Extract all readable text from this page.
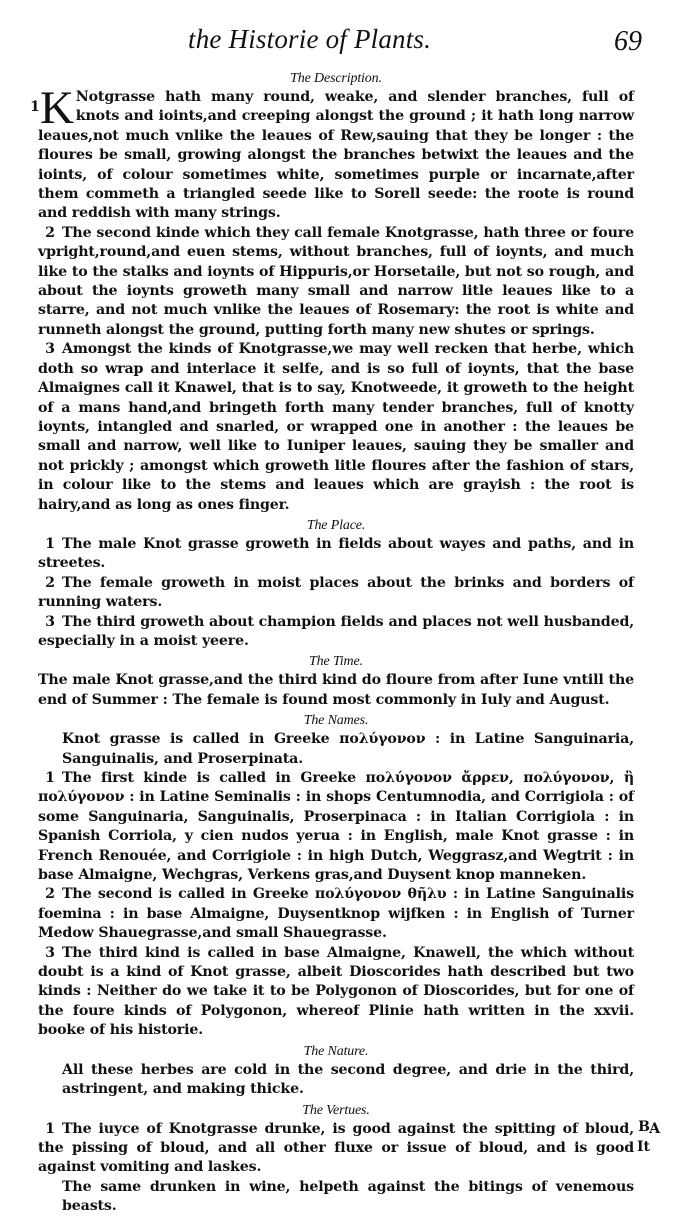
the Historie of Plants.	69
The Description.

K
1
Notgrasse hath many round, weake, and slender branches, full of knots and ioints,and creeping alongst the ground ; it hath long narrow leaues,not much vnlike the leaues of Rew,sauing that they be longer : the floures be small, growing alongst the branches betwixt the leaues and the ioints, of colour sometimes white, sometimes purple or incarnate,after them commeth a triangled seede like to Sorell seede: the roote is round and reddish with many strings.

2 The second kinde which they call female Knotgrasse, hath three or foure vpright,round,and euen stems, without branches, full of ioynts, and much like to the stalks and ioynts of Hippuris,or Horsetaile, but not so rough, and about the ioynts groweth many small and narrow litle leaues like to a starre, and not much vnlike the leaues of Rosemary: the root is white and runneth alongst the ground, putting forth many new shutes or springs.

3 Amongst the kinds of Knotgrasse,we may well recken that herbe, which doth so wrap and interlace it selfe, and is so full of ioynts, that the base Almaignes call it Knawel, that is to say, Knotweede, it groweth to the height of a mans hand,and bringeth forth many tender branches, full of knotty ioynts, intangled and snarled, or wrapped one in another : the leaues be small and narrow, well like to Iuniper leaues, sauing they be smaller and not prickly ; amongst which groweth litle floures after the fashion of stars, in colour like to the stems and leaues which are grayish : the root is hairy,and as long as ones finger.

The Place.

1 The male Knot grasse groweth in fields about wayes and paths, and in streetes.

2 The female groweth in moist places about the brinks and borders of running waters.

3 The third groweth about champion fields and places not well husbanded, especially in a moist yeere.

The Time.

The male Knot grasse,and the third kind do floure from after Iune vntill the end of Summer : The female is found most commonly in Iuly and August.

The Names.

Knot grasse is called in Greeke πολύγονον : in Latine Sanguinaria, Sanguinalis, and Proserpinata.

1 The first kinde is called in Greeke πολύγονον ἄρρεν, πολύγονον, ἢ πολύγονον : in Latine Seminalis : in shops Centumnodia, and Corrigiola : of some Sanguinaria, Sanguinalis, Proserpinaca : in Italian Corrigiola : in Spanish Corriola, y cien nudos yerua : in English, male Knot grasse : in French Renouée, and Corrigiole : in high Dutch, Weggrasz,and Wegtrit : in base Almaigne, Wechgras, Verkens gras,and Duysent knop manneken.

2 The second is called in Greeke πολύγονον θῆλυ : in Latine Sanguinalis foemina : in base Almaigne, Duysentknop wijfken : in English of Turner Medow Shauegrasse,and small Shauegrasse.

3 The third kind is called in base Almaigne, Knawell, the which without doubt is a kind of Knot grasse, albeit Dioscorides hath described but two kinds : Neither do we take it to be Polygonon of Dioscorides, but for one of the foure kinds of Polygonon, whereof Plinie hath written in the xxvii. booke of his historie.

The Nature.

All these herbes are cold in the second degree, and drie in the third, astringent, and making thicke.

The Vertues.

1 The iuyce of Knotgrasse drunke, is good against the spitting of bloud, the pissing of bloud, and all other fluxe or issue of bloud, and is good against vomiting and laskes.
A

The same drunken in wine, helpeth against the bitings of venemous beasts.

B
It
